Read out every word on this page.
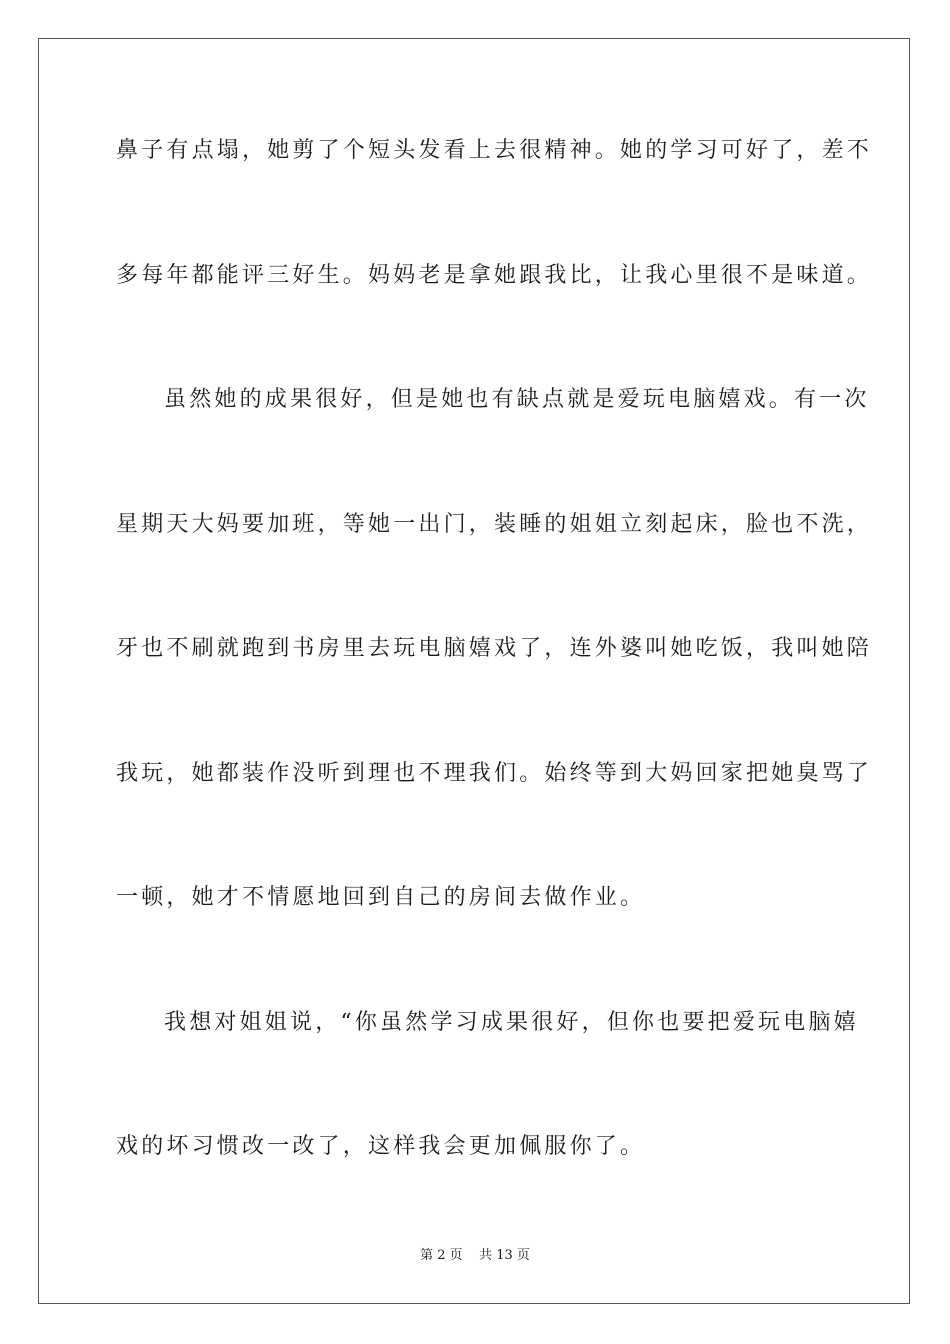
鼻子有点塌，她剪了个短头发看上去很精神。她的学习可好了，差不
多每年都能评三好生。妈妈老是拿她跟我比，让我心里很不是味道。
虽然她的成果很好，但是她也有缺点就是爱玩电脑嬉戏。有一次
星期天大妈要加班，等她一出门，装睡的姐姐立刻起床，脸也不洗，
牙也不刷就跑到书房里去玩电脑嬉戏了，连外婆叫她吃饭，我叫她陪
我玩，她都装作没听到理也不理我们。始终等到大妈回家把她臭骂了
一顿，她才不情愿地回到自己的房间去做作业。
我想对姐姐说，“你虽然学习成果很好，但你也要把爱玩电脑嬉
戏的坏习惯改一改了，这样我会更加佩服你了。
第 2 页    共 13 页
